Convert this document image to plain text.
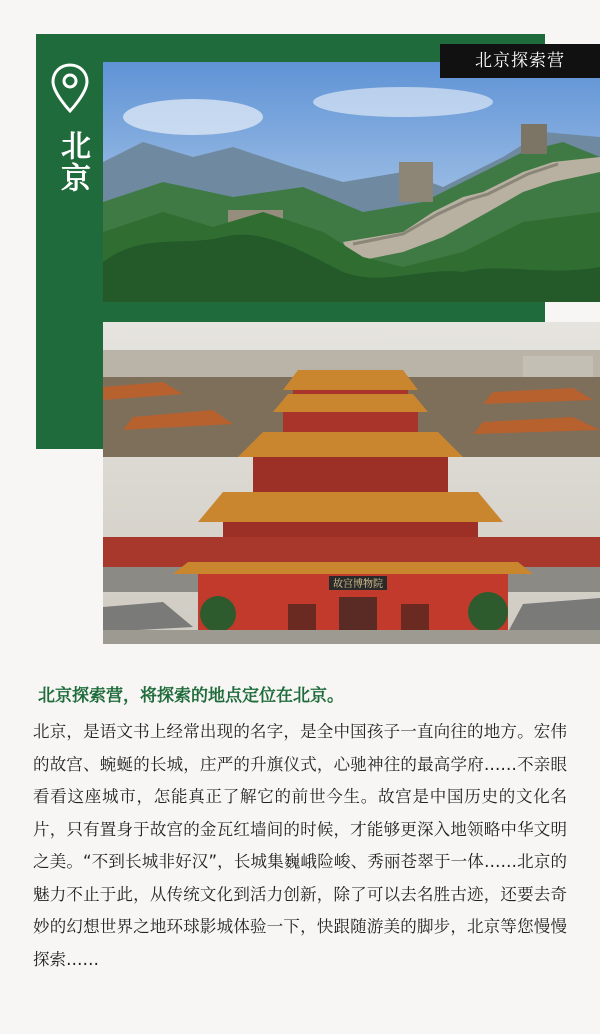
北京
北京探索营
故宫博物院
北京探索营，将探索的地点定位在北京。

北京，是语文书上经常出现的名字，是全中国孩子一直向往的地方。宏伟的故宫、蜿蜒的长城，庄严的升旗仪式，心驰神往的最高学府……不亲眼看看这座城市，怎能真正了解它的前世今生。故宫是中国历史的文化名片，只有置身于故宫的金瓦红墙间的时候，才能够更深入地领略中华文明之美。“不到长城非好汉”，长城集巍峨险峻、秀丽苍翠于一体……北京的魅力不止于此，从传统文化到活力创新，除了可以去名胜古迹，还要去奇妙的幻想世界之地环球影城体验一下，快跟随游美的脚步，北京等您慢慢探索……
